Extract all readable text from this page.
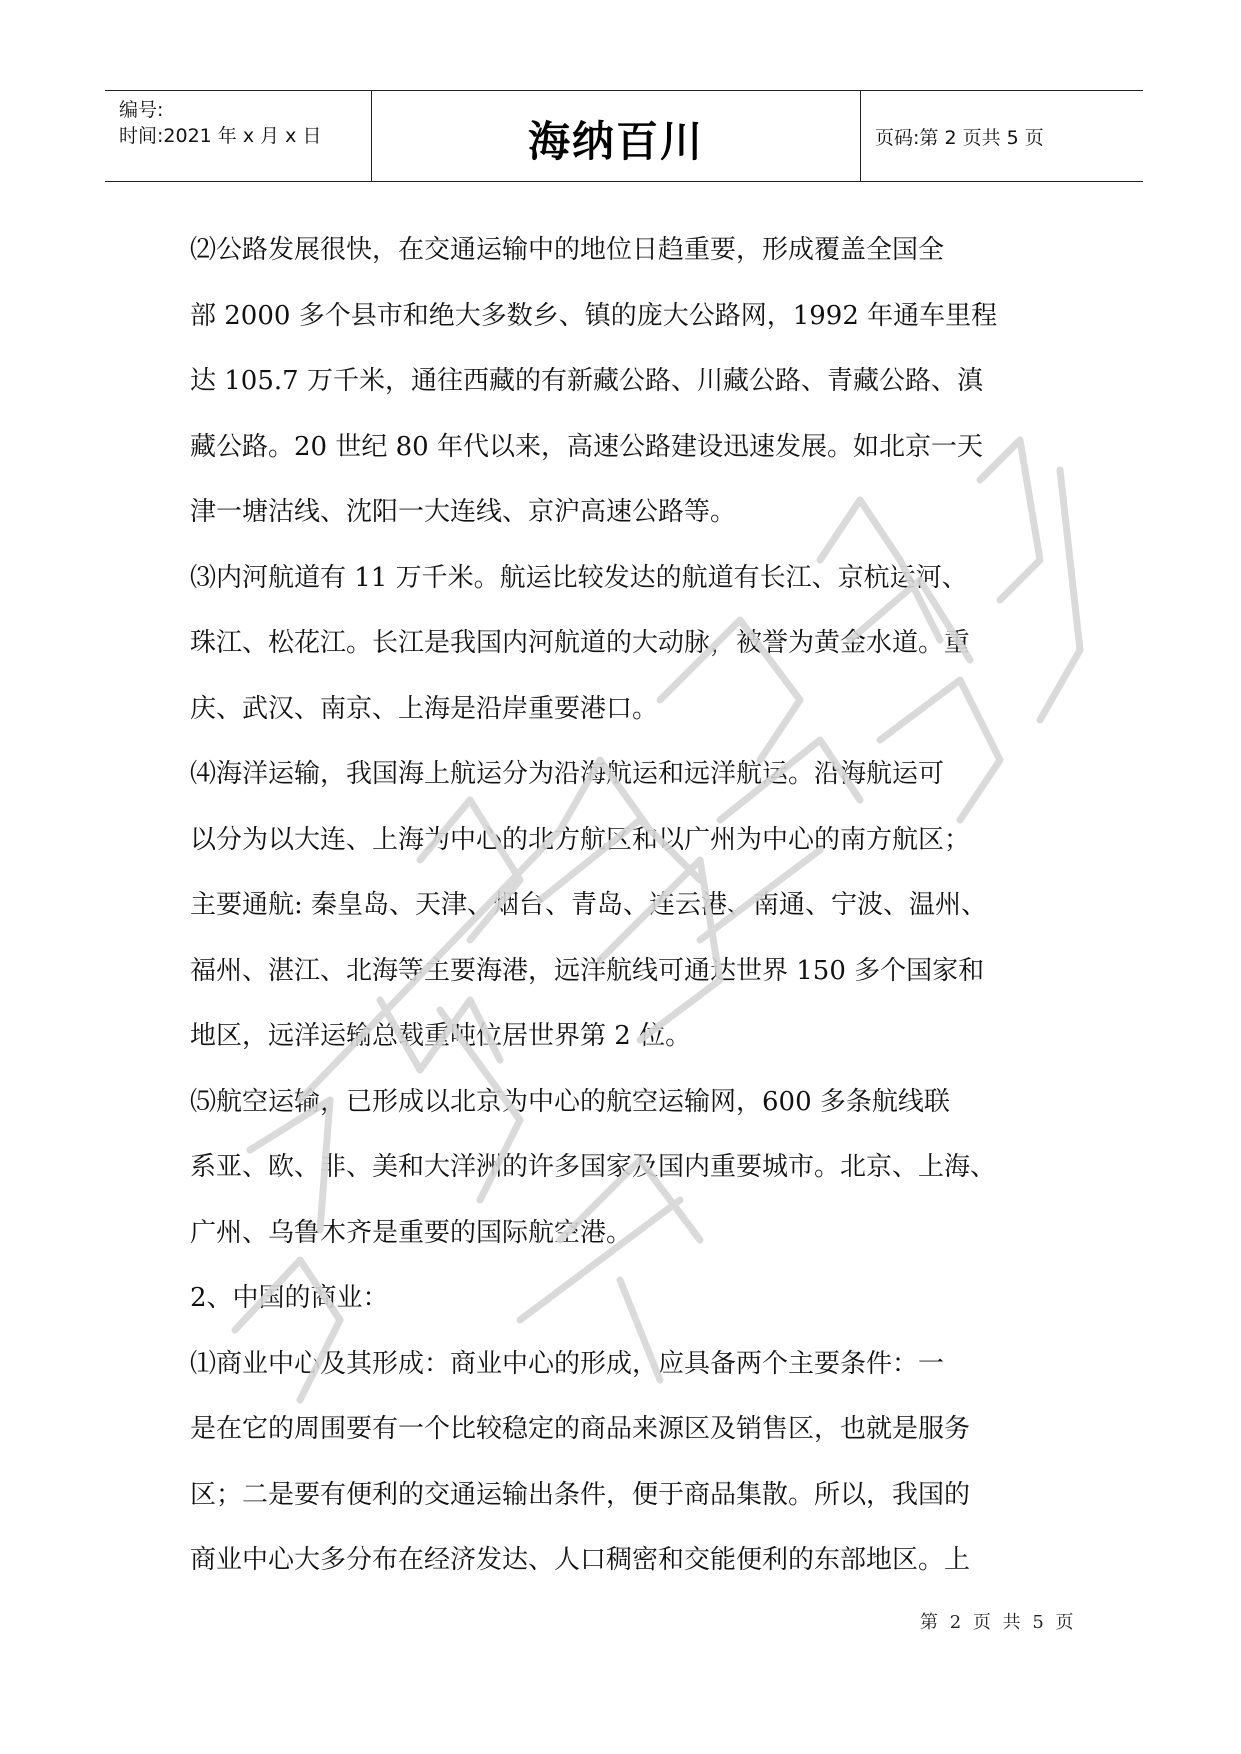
编号:
时间:2021 年 x 月 x 日	海纳百川	页码:第 2 页共 5 页
⑵公路发展很快，在交通运输中的地位日趋重要，形成覆盖全国全
部 2000 多个县市和绝大多数乡、镇的庞大公路网，1992 年通车里程
达 105.7 万千米，通往西藏的有新藏公路、川藏公路、青藏公路、滇
藏公路。20 世纪 80 年代以来，高速公路建设迅速发展。如北京一天
津一塘沽线、沈阳一大连线、京沪高速公路等。
⑶内河航道有 11 万千米。航运比较发达的航道有长江、京杭运河、
珠江、松花江。长江是我国内河航道的大动脉，被誉为黄金水道。重
庆、武汉、南京、上海是沿岸重要港口。
⑷海洋运输，我国海上航运分为沿海航运和远洋航运。沿海航运可
以分为以大连、上海为中心的北方航区和以广州为中心的南方航区；
主要通航: 秦皇岛、天津、烟台、青岛、连云港、南通、宁波、温州、
福州、湛江、北海等主要海港，远洋航线可通达世界 150 多个国家和
地区，远洋运输总载重吨位居世界第 2 位。
⑸航空运输，已形成以北京为中心的航空运输网，600 多条航线联
系亚、欧、非、美和大洋洲的许多国家及国内重要城市。北京、上海、
广州、乌鲁木齐是重要的国际航空港。
2、中国的商业：
⑴商业中心及其形成：商业中心的形成，应具备两个主要条件：一
是在它的周围要有一个比较稳定的商品来源区及销售区，也就是服务
区；二是要有便利的交通运输出条件，便于商品集散。所以，我国的
商业中心大多分布在经济发达、人口稠密和交能便利的东部地区。上
第 2 页 共 5 页
